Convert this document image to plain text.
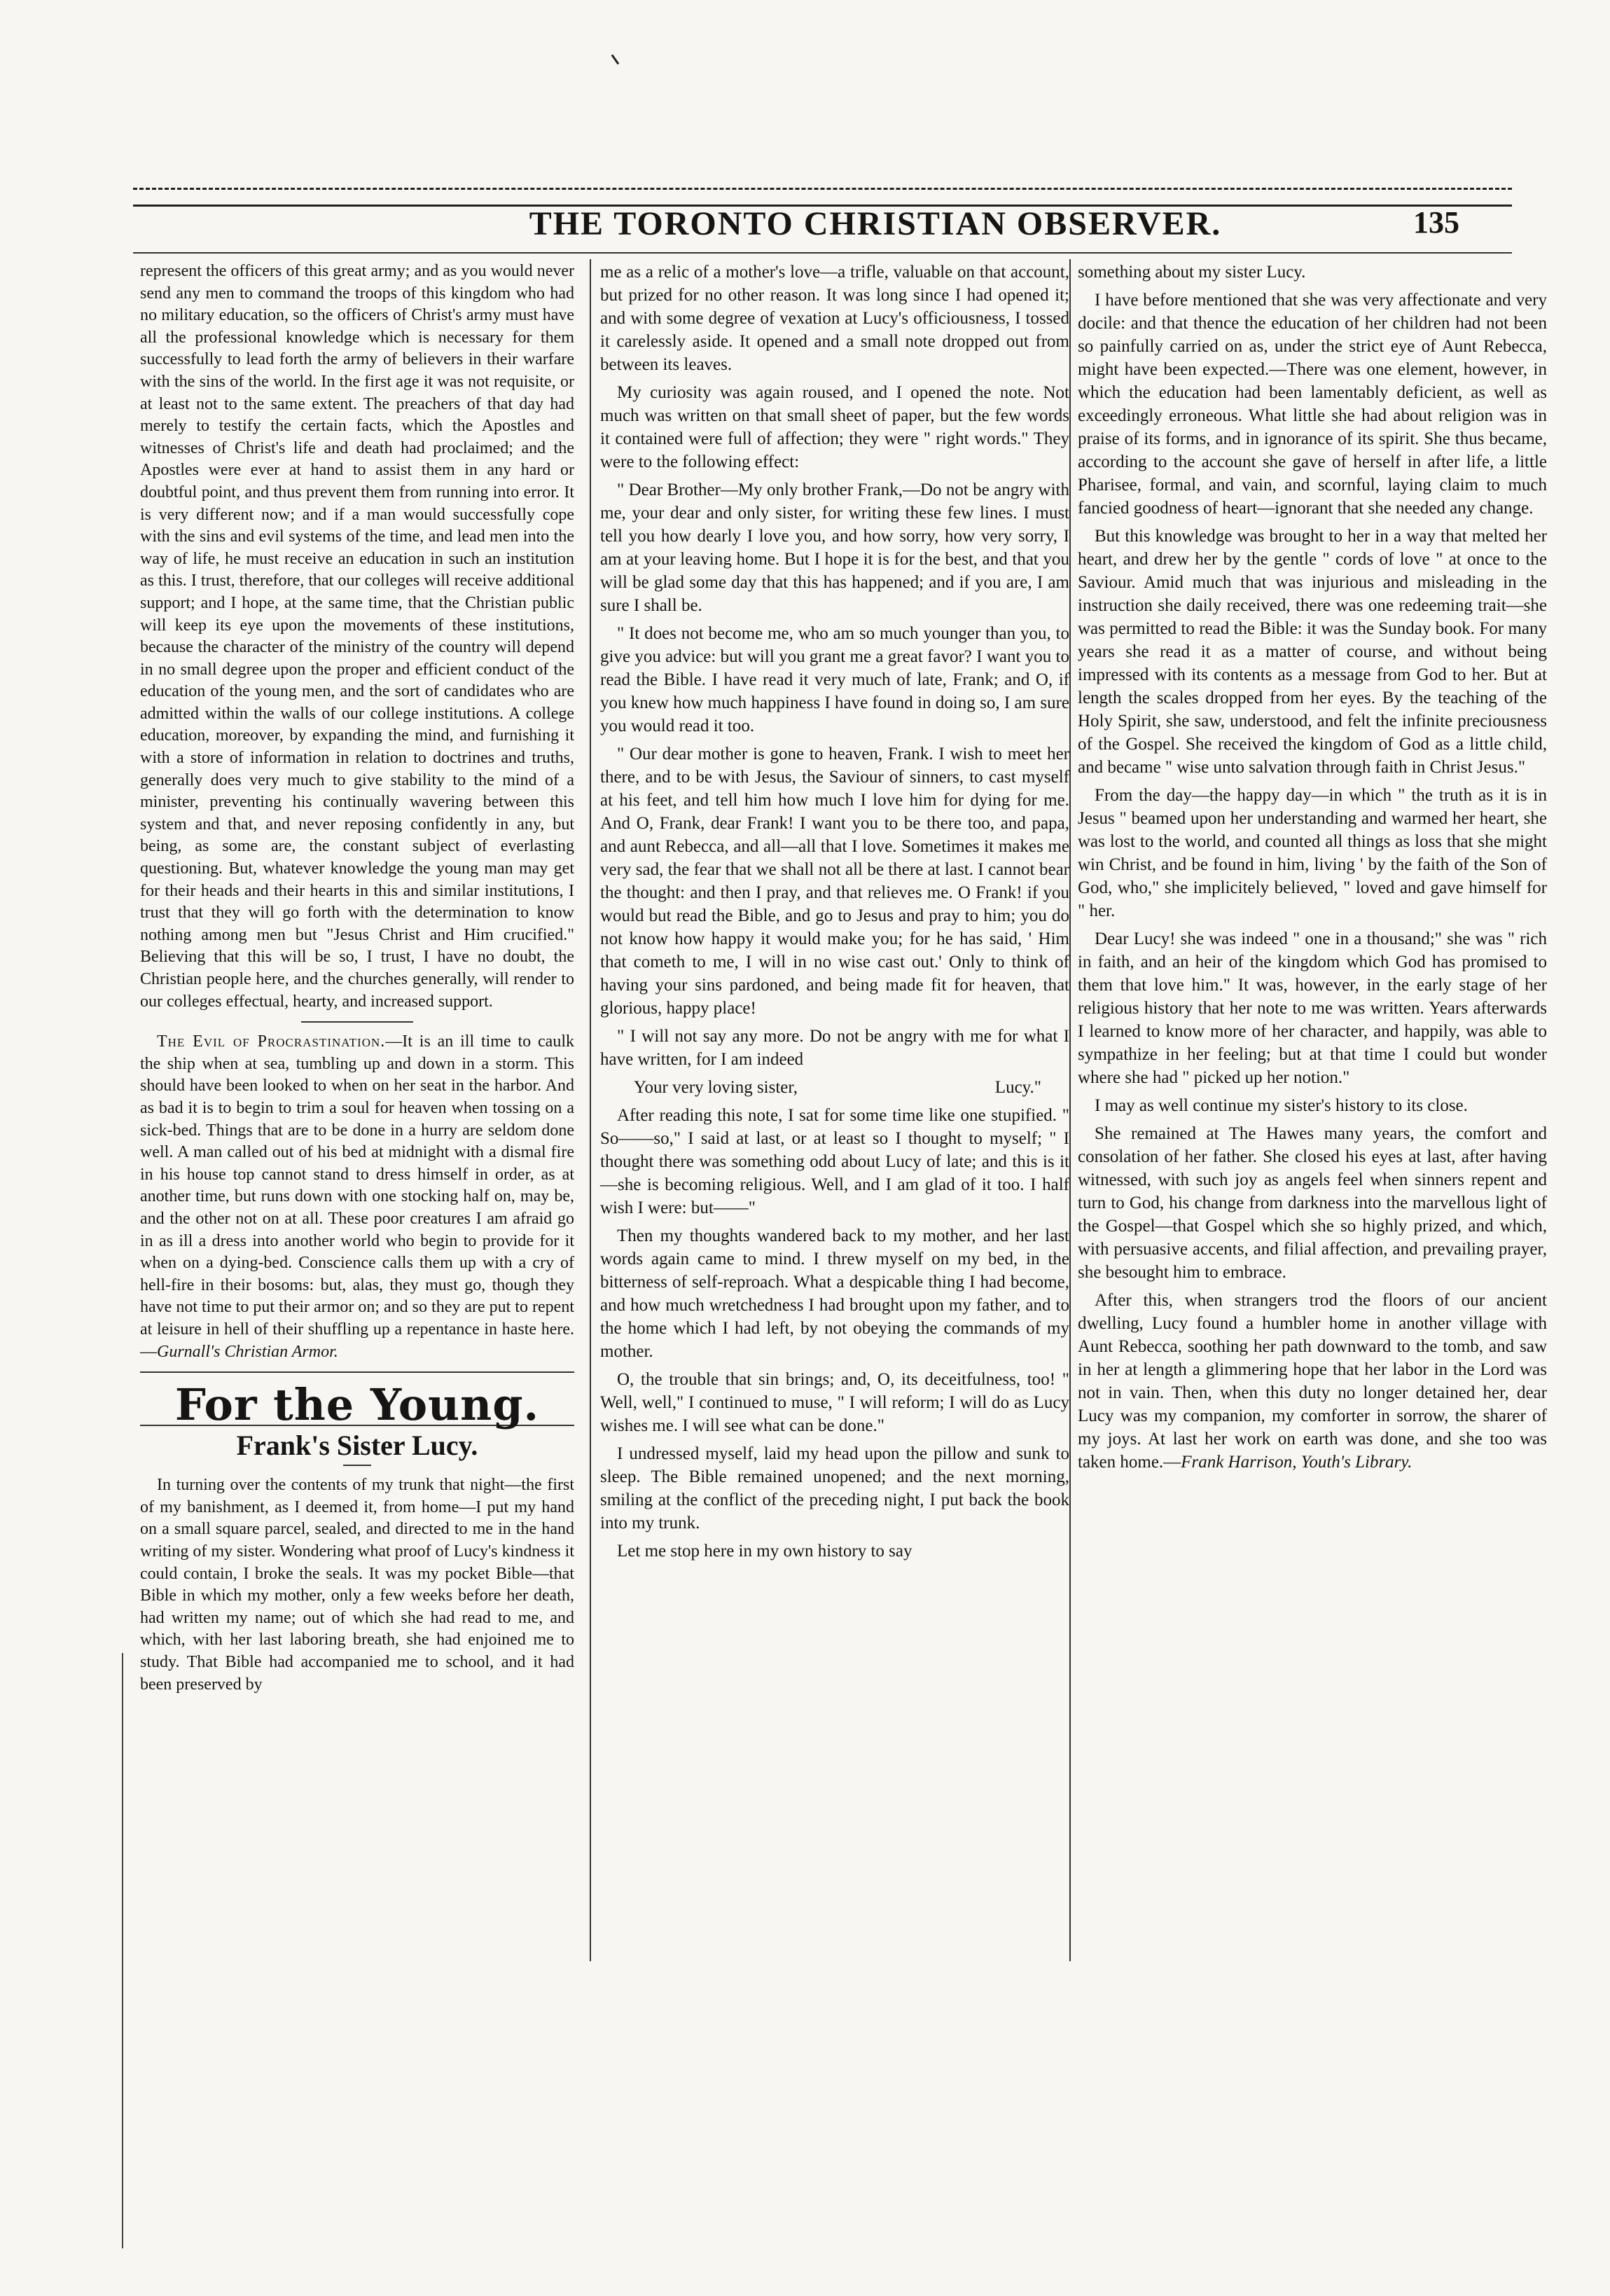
THE TORONTO CHRISTIAN OBSERVER.	135

represent the officers of this great army; and as you would never send any men to command the troops of this kingdom who had no military education, so the officers of Christ's army must have all the professional knowledge which is necessary for them successfully to lead forth the army of believers in their warfare with the sins of the world. In the first age it was not requisite, or at least not to the same extent. The preachers of that day had merely to testify the certain facts, which the Apostles and witnesses of Christ's life and death had proclaimed; and the Apostles were ever at hand to assist them in any hard or doubtful point, and thus prevent them from running into error. It is very different now; and if a man would successfully cope with the sins and evil systems of the time, and lead men into the way of life, he must receive an education in such an institution as this. I trust, therefore, that our colleges will receive additional support; and I hope, at the same time, that the Christian public will keep its eye upon the movements of these institutions, because the character of the ministry of the country will depend in no small degree upon the proper and efficient conduct of the education of the young men, and the sort of candidates who are admitted within the walls of our college institutions. A college education, moreover, by expanding the mind, and furnishing it with a store of information in relation to doctrines and truths, generally does very much to give stability to the mind of a minister, preventing his continually wavering between this system and that, and never reposing confidently in any, but being, as some are, the constant subject of everlasting questioning. But, whatever knowledge the young man may get for their heads and their hearts in this and similar institutions, I trust that they will go forth with the determination to know nothing among men but "Jesus Christ and Him crucified." Believing that this will be so, I trust, I have no doubt, the Christian people here, and the churches generally, will render to our colleges effectual, hearty, and increased support.

The Evil of Procrastination.—It is an ill time to caulk the ship when at sea, tumbling up and down in a storm. This should have been looked to when on her seat in the harbor. And as bad it is to begin to trim a soul for heaven when tossing on a sick-bed. Things that are to be done in a hurry are seldom done well. A man called out of his bed at midnight with a dismal fire in his house top cannot stand to dress himself in order, as at another time, but runs down with one stocking half on, may be, and the other not on at all. These poor creatures I am afraid go in as ill a dress into another world who begin to provide for it when on a dying-bed. Conscience calls them up with a cry of hell-fire in their bosoms: but, alas, they must go, though they have not time to put their armor on; and so they are put to repent at leisure in hell of their shuffling up a repentance in haste here.—Gurnall's Christian Armor.

For the Young.
Frank's Sister Lucy.

In turning over the contents of my trunk that night—the first of my banishment, as I deemed it, from home—I put my hand on a small square parcel, sealed, and directed to me in the hand writing of my sister. Wondering what proof of Lucy's kindness it could contain, I broke the seals. It was my pocket Bible—that Bible in which my mother, only a few weeks before her death, had written my name; out of which she had read to me, and which, with her last laboring breath, she had enjoined me to study. That Bible had accompanied me to school, and it had been preserved by

me as a relic of a mother's love—a trifle, valuable on that account, but prized for no other reason. It was long since I had opened it; and with some degree of vexation at Lucy's officiousness, I tossed it carelessly aside. It opened and a small note dropped out from between its leaves.

My curiosity was again roused, and I opened the note. Not much was written on that small sheet of paper, but the few words it contained were full of affection; they were " right words." They were to the following effect:

" Dear Brother—My only brother Frank,—Do not be angry with me, your dear and only sister, for writing these few lines. I must tell you how dearly I love you, and how sorry, how very sorry, I am at your leaving home. But I hope it is for the best, and that you will be glad some day that this has happened; and if you are, I am sure I shall be.

" It does not become me, who am so much younger than you, to give you advice: but will you grant me a great favor? I want you to read the Bible. I have read it very much of late, Frank; and O, if you knew how much happiness I have found in doing so, I am sure you would read it too.

" Our dear mother is gone to heaven, Frank. I wish to meet her there, and to be with Jesus, the Saviour of sinners, to cast myself at his feet, and tell him how much I love him for dying for me. And O, Frank, dear Frank! I want you to be there too, and papa, and aunt Rebecca, and all—all that I love. Sometimes it makes me very sad, the fear that we shall not all be there at last. I cannot bear the thought: and then I pray, and that relieves me. O Frank! if you would but read the Bible, and go to Jesus and pray to him; you do not know how happy it would make you; for he has said, ' Him that cometh to me, I will in no wise cast out.' Only to think of having your sins pardoned, and being made fit for heaven, that glorious, happy place!

" I will not say any more. Do not be angry with me for what I have written, for I am indeed

Your very loving sister,	Lucy."

After reading this note, I sat for some time like one stupified. " So——so," I said at last, or at least so I thought to myself; " I thought there was something odd about Lucy of late; and this is it—she is becoming religious. Well, and I am glad of it too. I half wish I were: but——"

Then my thoughts wandered back to my mother, and her last words again came to mind. I threw myself on my bed, in the bitterness of self-reproach. What a despicable thing I had become, and how much wretchedness I had brought upon my father, and to the home which I had left, by not obeying the commands of my mother.

O, the trouble that sin brings; and, O, its deceitfulness, too! " Well, well," I continued to muse, " I will reform; I will do as Lucy wishes me. I will see what can be done."

I undressed myself, laid my head upon the pillow and sunk to sleep. The Bible remained unopened; and the next morning, smiling at the conflict of the preceding night, I put back the book into my trunk.

Let me stop here in my own history to say

something about my sister Lucy.

I have before mentioned that she was very affectionate and very docile: and that thence the education of her children had not been so painfully carried on as, under the strict eye of Aunt Rebecca, might have been expected.—There was one element, however, in which the education had been lamentably deficient, as well as exceedingly erroneous. What little she had about religion was in praise of its forms, and in ignorance of its spirit. She thus became, according to the account she gave of herself in after life, a little Pharisee, formal, and vain, and scornful, laying claim to much fancied goodness of heart—ignorant that she needed any change.

But this knowledge was brought to her in a way that melted her heart, and drew her by the gentle " cords of love " at once to the Saviour. Amid much that was injurious and misleading in the instruction she daily received, there was one redeeming trait—she was permitted to read the Bible: it was the Sunday book. For many years she read it as a matter of course, and without being impressed with its contents as a message from God to her. But at length the scales dropped from her eyes. By the teaching of the Holy Spirit, she saw, understood, and felt the infinite preciousness of the Gospel. She received the kingdom of God as a little child, and became " wise unto salvation through faith in Christ Jesus."

From the day—the happy day—in which " the truth as it is in Jesus " beamed upon her understanding and warmed her heart, she was lost to the world, and counted all things as loss that she might win Christ, and be found in him, living ' by the faith of the Son of God, who," she implicitely believed, " loved and gave himself for " her.

Dear Lucy! she was indeed " one in a thousand;" she was " rich in faith, and an heir of the kingdom which God has promised to them that love him." It was, however, in the early stage of her religious history that her note to me was written. Years afterwards I learned to know more of her character, and happily, was able to sympathize in her feeling; but at that time I could but wonder where she had " picked up her notion."

I may as well continue my sister's history to its close.

She remained at The Hawes many years, the comfort and consolation of her father. She closed his eyes at last, after having witnessed, with such joy as angels feel when sinners repent and turn to God, his change from darkness into the marvellous light of the Gospel—that Gospel which she so highly prized, and which, with persuasive accents, and filial affection, and prevailing prayer, she besought him to embrace.

After this, when strangers trod the floors of our ancient dwelling, Lucy found a humbler home in another village with Aunt Rebecca, soothing her path downward to the tomb, and saw in her at length a glimmering hope that her labor in the Lord was not in vain. Then, when this duty no longer detained her, dear Lucy was my companion, my comforter in sorrow, the sharer of my joys. At last her work on earth was done, and she too was taken home.—Frank Harrison, Youth's Library.
